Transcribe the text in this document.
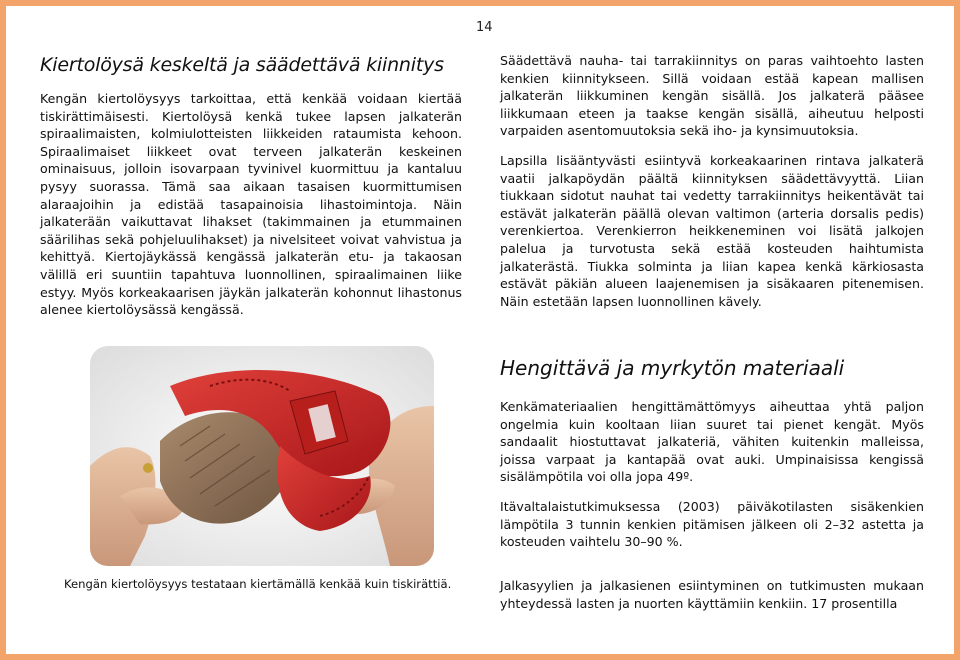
14
Kiertolöysä keskeltä ja säädettävä kiinnitys

Kengän kiertolöysyys tarkoittaa, että kenkää voidaan kiertää tiskirättimäisesti. Kiertolöysä kenkä tukee lapsen jalkaterän spiraalimaisten, kolmiulotteisten liikkeiden rataumista kehoon. Spiraalimaiset liikkeet ovat terveen jalkaterän keskeinen ominaisuus, jolloin isovarpaan tyvinivel kuormittuu ja kantaluu pysyy suorassa. Tämä saa aikaan tasaisen kuormittumisen alaraajoihin ja edistää tasapainoisia lihastoimintoja. Näin jalkaterään vaikuttavat lihakset (takimmainen ja etummainen säärilihas sekä pohjeluulihakset) ja nivelsiteet voivat vahvistua ja kehittyä. Kiertojäykässä kengässä jalkaterän etu- ja takaosan välillä eri suuntiin tapahtuva luonnollinen, spiraalimainen liike estyy. Myös korkeakaarisen jäykän jalkaterän kohonnut lihastonus alenee kiertolöysässä kengässä.

Kengän kiertolöysyys testataan kiertämällä kenkää kuin tiskirättiä.

Säädettävä nauha- tai tarrakiinnitys on paras vaihtoehto lasten kenkien kiinnitykseen. Sillä voidaan estää kapean mallisen jalkaterän liikkuminen kengän sisällä. Jos jalkaterä pääsee liikkumaan eteen ja taakse kengän sisällä, aiheutuu helposti varpaiden asentomuutoksia sekä iho- ja kynsimuutoksia.

Lapsilla lisääntyvästi esiintyvä korkeakaarinen rintava jalkaterä vaatii jalkapöydän päältä kiinnityksen säädettävyyttä. Liian tiukkaan sidotut nauhat tai vedetty tarrakiinnitys heikentävät tai estävät jalkaterän päällä olevan valtimon (arteria dorsalis pedis) verenkiertoa. Verenkierron heikkeneminen voi lisätä jalkojen palelua ja turvotusta sekä estää kosteuden haihtumista jalkaterästä. Tiukka solminta ja liian kapea kenkä kärkiosasta estävät päkiän alueen laajenemisen ja sisäkaaren pitenemisen. Näin estetään lapsen luonnollinen kävely.

Hengittävä ja myrkytön materiaali

Kenkämateriaalien hengittämättömyys aiheuttaa yhtä paljon ongelmia kuin kooltaan liian suuret tai pienet kengät. Myös sandaalit hiostuttavat jalkateriä, vähiten kuitenkin malleissa, joissa varpaat ja kantapää ovat auki. Umpinaisissa kengissä sisälämpötila voi olla jopa 49º.

Itävaltalaistutkimuksessa (2003) päiväkotilasten sisäkenkien lämpötila 3 tunnin kenkien pitämisen jälkeen oli 2–32 astetta ja kosteuden vaihtelu 30–90 %.

Jalkasyylien ja jalkasienen esiintyminen on tutkimusten mukaan yhteydessä lasten ja nuorten käyttämiin kenkiin. 17 prosentilla
